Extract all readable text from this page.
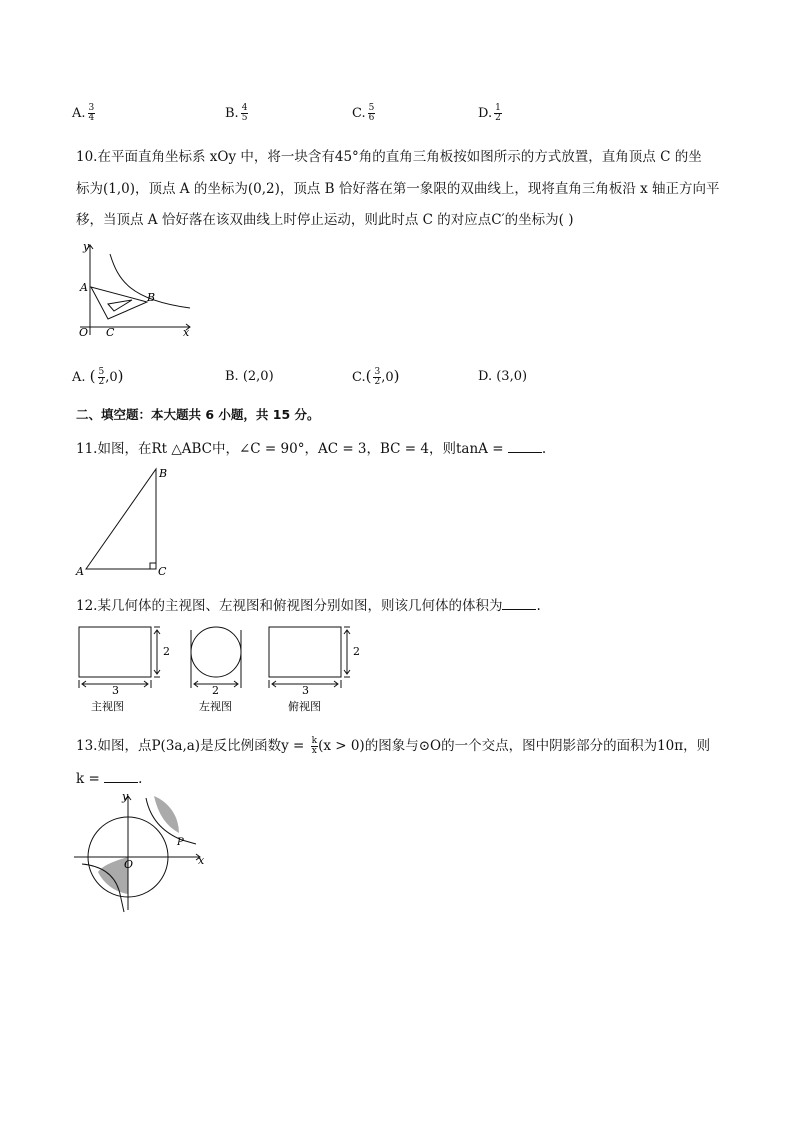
A. $\frac{3}{4}$	B. $\frac{4}{5}$	C. $\frac{5}{6}$	D. $\frac{1}{2}$
10.在平面直角坐标系 xOy 中，将一块含有45°角的直角三角板按如图所示的方式放置，直角顶点 C 的坐
标为(1,0)，顶点 A 的坐标为(0,2)，顶点 B 恰好落在第一象限的双曲线上，现将直角三角板沿 x 轴正方向平
移，当顶点 A 恰好落在该双曲线上时停止运动，则此时点 C 的对应点C′的坐标为( )
y
x
A
B
O C
A. ( $\frac{5}{2} ,0$)	B. (2,0)	$C.( \frac{3}{2} ,0)$	D. (3,0)
二、填空题：本大题共 6 小题，共 15 分。
11.如图，在Rt △ABC中，∠C = 90°，AC = 3，BC = 4，则tanA =	.
A
B
C
12.某几何体的主视图、左视图和俯视图分别如图，则该几何体的体积为	.
3
2
主视图
2
左视图
3
2
俯视图
13.如图，点P(3a,a)是反比例函数$y = \frac{k}{x} (x > 0)$的图象与⊙O的一个交点，图中阴影部分的面积为10π，则
k =	.
y
x
O
P
